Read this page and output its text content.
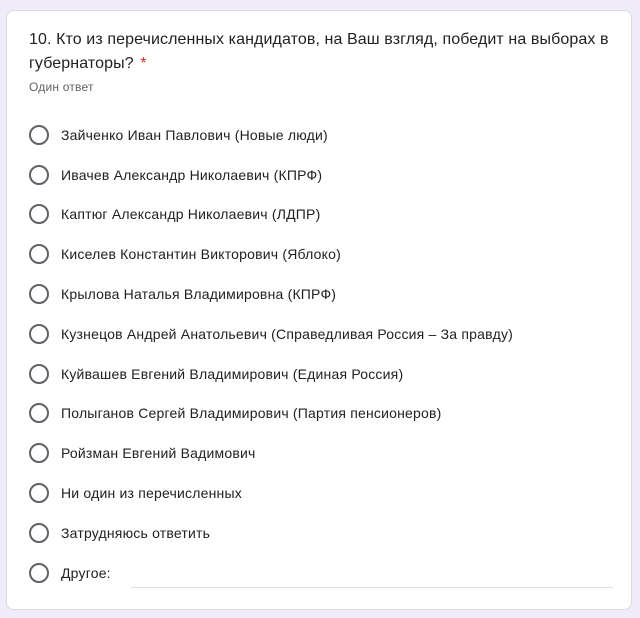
10. Кто из перечисленных кандидатов, на Ваш взгляд, победит на выборах в губернаторы? *
Один ответ
Зайченко Иван Павлович (Новые люди)
Ивачев Александр Николаевич (КПРФ)
Каптюг Александр Николаевич (ЛДПР)
Киселев Константин Викторович (Яблоко)
Крылова Наталья Владимировна (КПРФ)
Кузнецов Андрей Анатольевич (Справедливая Россия – За правду)
Куйвашев Евгений Владимирович (Единая Россия)
Полыганов Сергей Владимирович (Партия пенсионеров)
Ройзман Евгений Вадимович
Ни один из перечисленных
Затрудняюсь ответить
Другое:
